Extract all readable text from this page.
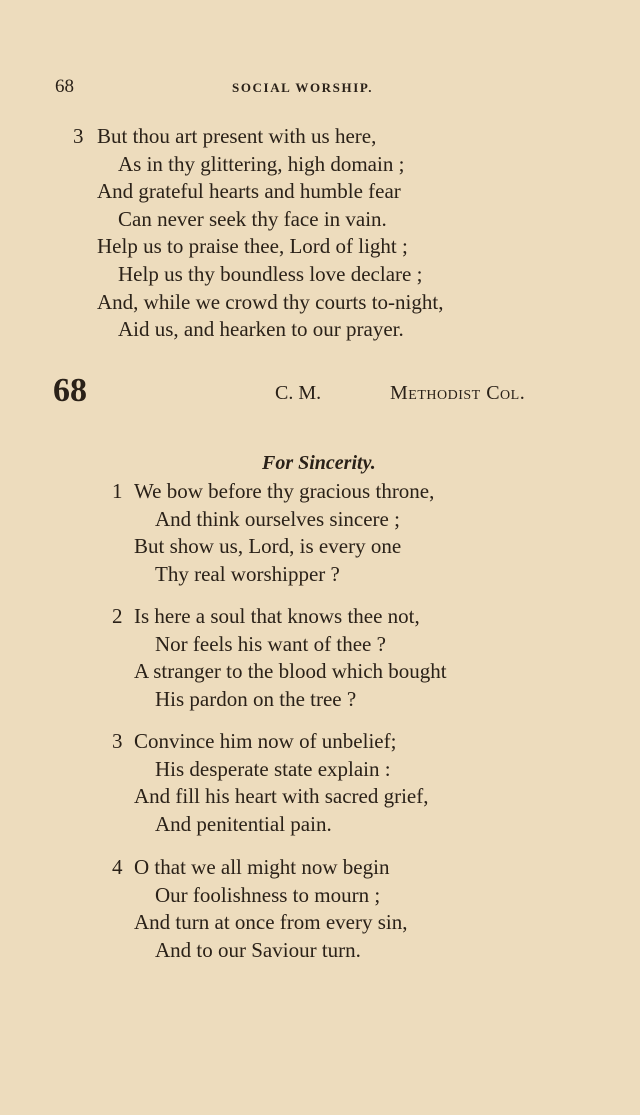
68	SOCIAL WORSHIP.
3 But thou art present with us here,
As in thy glittering, high domain ;
And grateful hearts and humble fear
Can never seek thy face in vain.
Help us to praise thee, Lord of light ;
Help us thy boundless love declare ;
And, while we crowd thy courts to-night,
Aid us, and hearken to our prayer.
68	C. M.	Methodist Col.
For Sincerity.
1 We bow before thy gracious throne,
And think ourselves sincere ;
But show us, Lord, is every one
Thy real worshipper ?
2 Is here a soul that knows thee not,
Nor feels his want of thee ?
A stranger to the blood which bought
His pardon on the tree ?
3 Convince him now of unbelief;
His desperate state explain :
And fill his heart with sacred grief,
And penitential pain.
4 O that we all might now begin
Our foolishness to mourn ;
And turn at once from every sin,
And to our Saviour turn.
